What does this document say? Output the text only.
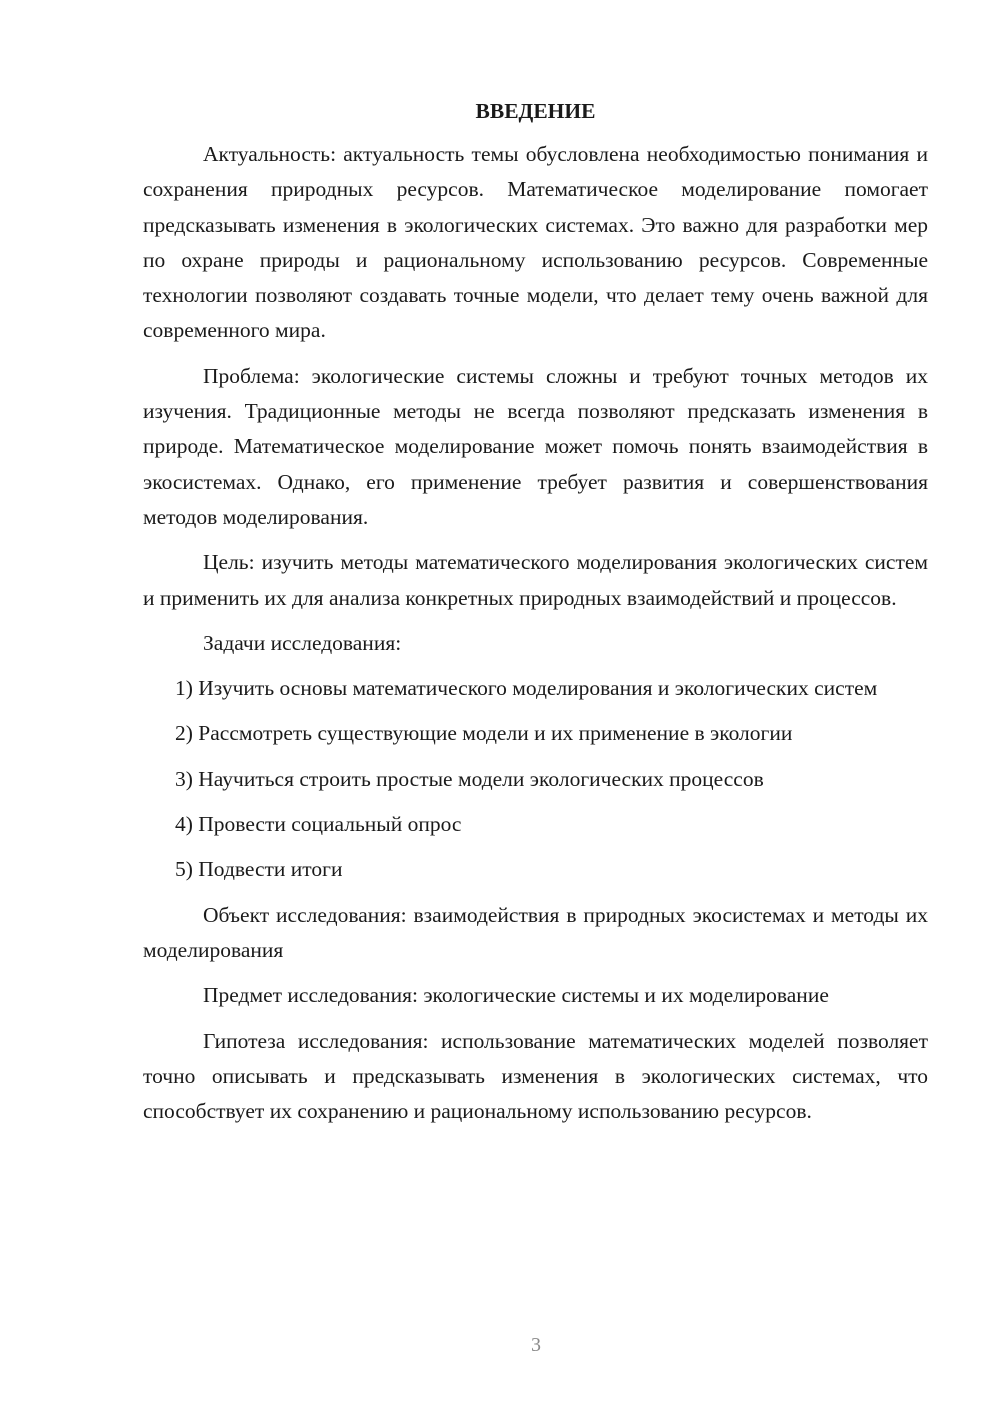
ВВЕДЕНИЕ

Актуальность: актуальность темы обусловлена необходимостью понимания и сохранения природных ресурсов. Математическое моделирование помогает предсказывать изменения в экологических системах. Это важно для разработки мер по охране природы и рациональному использованию ресурсов. Современные технологии позволяют создавать точные модели, что делает тему очень важной для современного мира.

Проблема: экологические системы сложны и требуют точных методов их изучения. Традиционные методы не всегда позволяют предсказать изменения в природе. Математическое моделирование может помочь понять взаимодействия в экосистемах. Однако, его применение требует развития и совершенствования методов моделирования.

Цель: изучить методы математического моделирования экологических систем и применить их для анализа конкретных природных взаимодействий и процессов.

Задачи исследования:

1) Изучить основы математического моделирования и экологических систем

2) Рассмотреть существующие модели и их применение в экологии

3) Научиться строить простые модели экологических процессов

4) Провести социальный опрос

5) Подвести итоги

Объект исследования: взаимодействия в природных экосистемах и методы их моделирования

Предмет исследования: экологические системы и их моделирование

Гипотеза исследования: использование математических моделей позволяет точно описывать и предсказывать изменения в экологических системах, что способствует их сохранению и рациональному использованию ресурсов.

3
